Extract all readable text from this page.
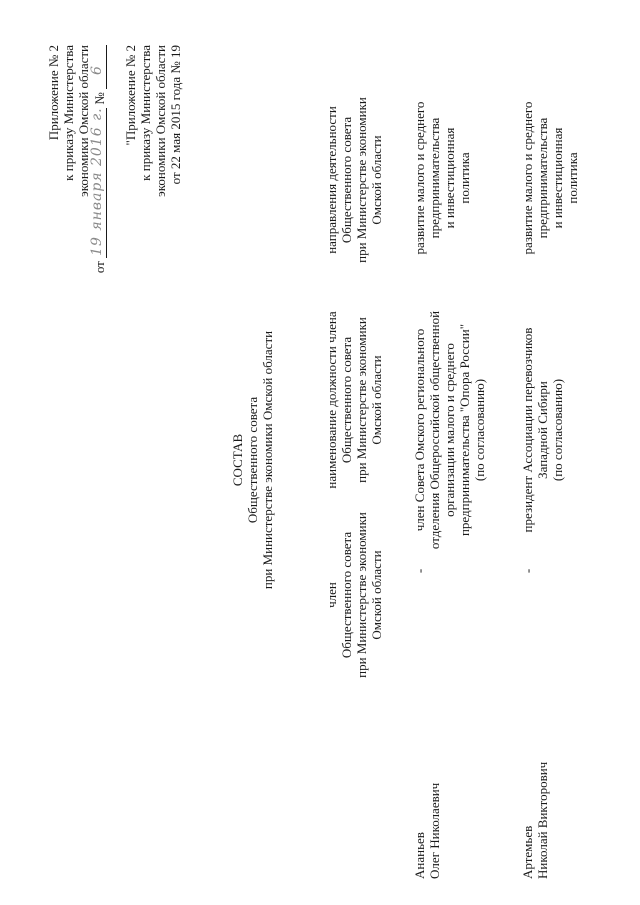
Приложение № 2 к приказу Министерства экономики Омской области
от
19 января 2016 г.
№
6 "Приложение № 2 к приказу Министерства экономики Омской области от 22 мая 2015 года № 19
СОСТАВ Общественного совета при Министерстве экономики Омской области
член Общественного совета при Министерстве экономики Омской области
наименование должности члена Общественного совета при Министерстве экономики Омской области
направления деятельности Общественного совета при Министерстве экономики Омской области
Ананьев Олег Николаевич
-
член Совета Омского регионального отделения Общероссийской общественной организации малого и среднего предпринимательства "Опора России" (по согласованию)
развитие малого и среднего предпринимательства и инвестиционная политика
Артемьев Николай Викторович
-
президент Ассоциации перевозчиков Западной Сибири (по согласованию)
развитие малого и среднего предпринимательства и инвестиционная политика
